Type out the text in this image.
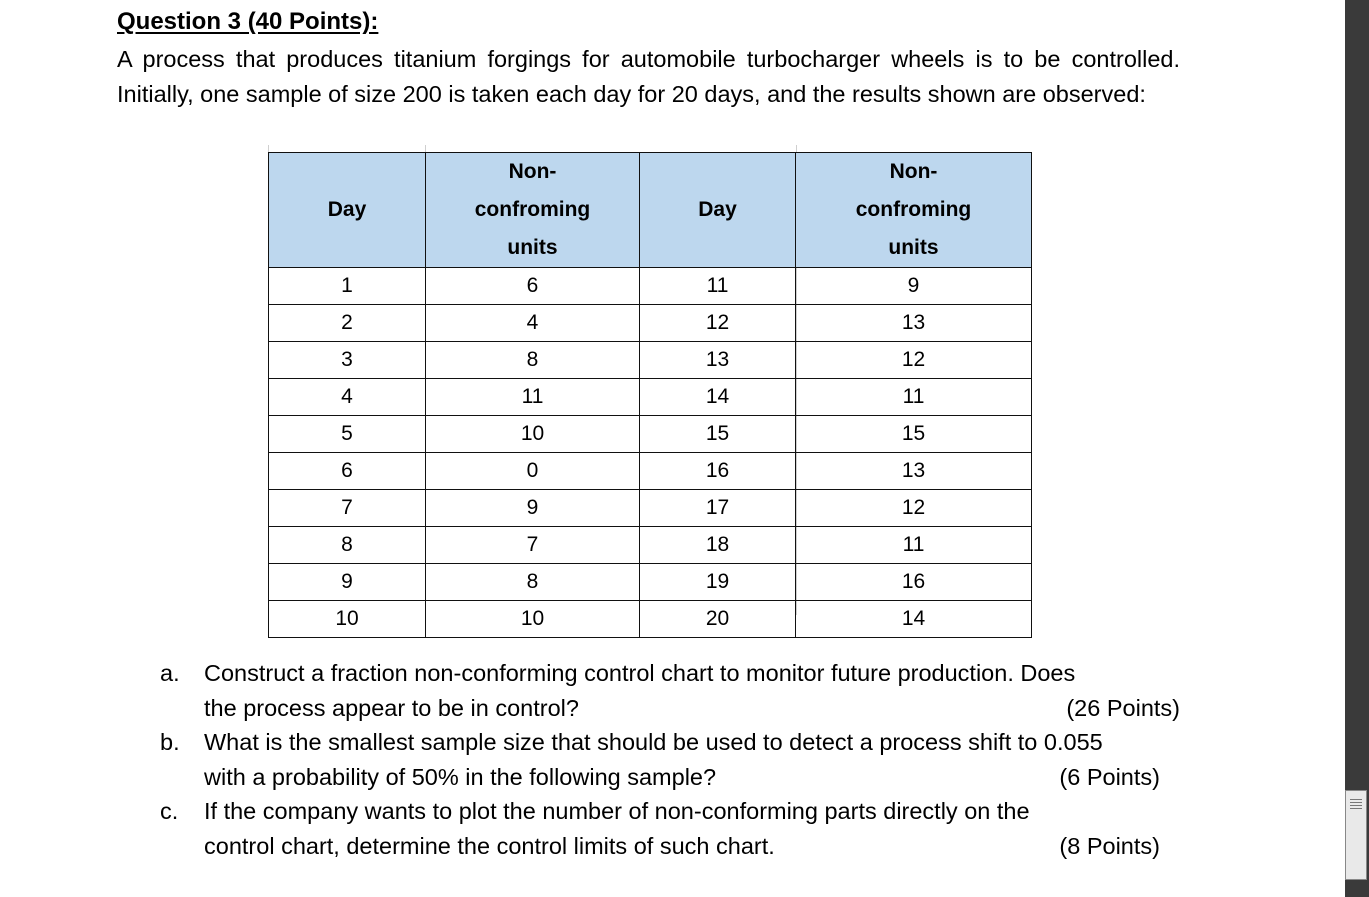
Question 3 (40 Points):
A process that produces titanium forgings for automobile turbocharger wheels is to be controlled. Initially, one sample of size 200 is taken each day for 20 days, and the results shown are observed:
Day	Non-confroming units	Day	Non-confroming units
1	6	11	9
2	4	12	13
3	8	13	12
4	11	14	11
5	10	15	15
6	0	16	13
7	9	17	12
8	7	18	11
9	8	19	16
10	10	20	14
a. Construct a fraction non-conforming control chart to monitor future production. Does
(26 Points)
the process appear to be in control?
b. What is the smallest sample size that should be used to detect a process shift to 0.055
(6 Points)
with a probability of 50% in the following sample?
c. If the company wants to plot the number of non-conforming parts directly on the
(8 Points)
control chart, determine the control limits of such chart.
